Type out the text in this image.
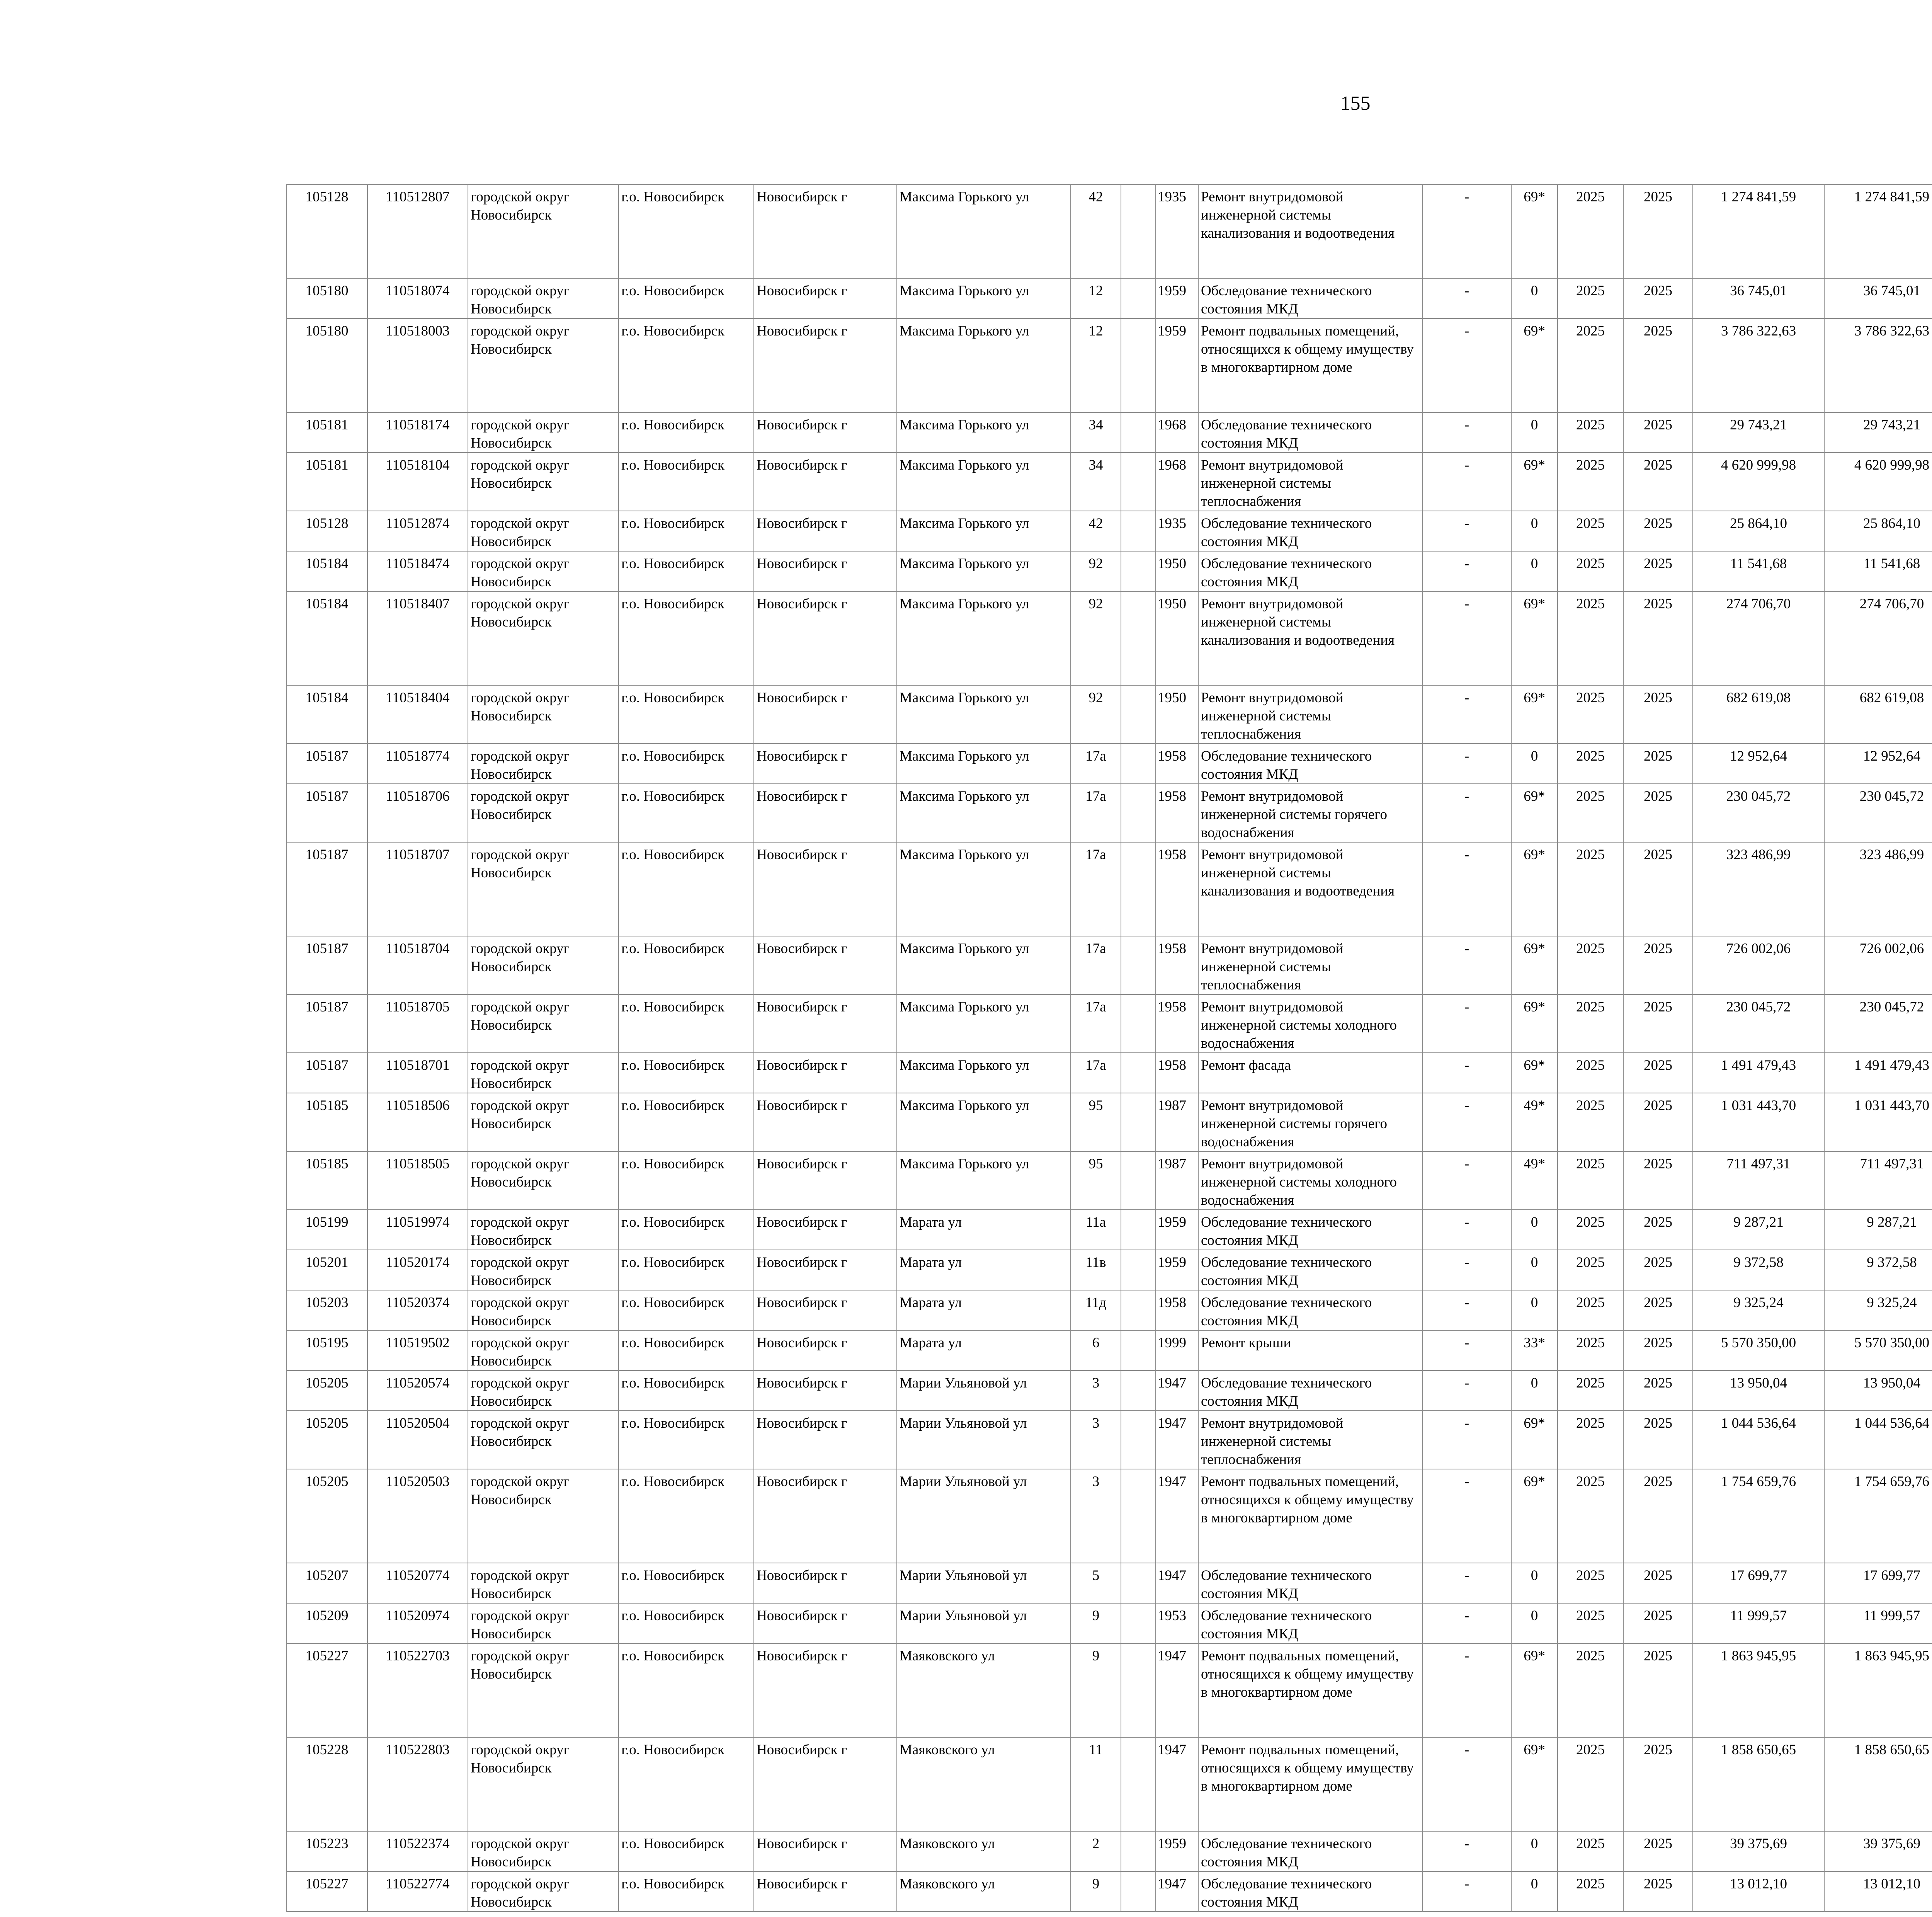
155
105128	110512807	городской округ Новосибирск	г.о. Новосибирск	Новосибирск г	Максима Горького ул	42		1935	Ремонт внутридомовой инженерной системы канализования и водоотведения	-	69*	2025	2025	1 274 841,59	1 274 841,59						
105180	110518074	городской округ Новосибирск	г.о. Новосибирск	Новосибирск г	Максима Горького ул	12		1959	Обследование технического состояния МКД	-	0	2025	2025	36 745,01	36 745,01						
105180	110518003	городской округ Новосибирск	г.о. Новосибирск	Новосибирск г	Максима Горького ул	12		1959	Ремонт подвальных помещений, относящихся к общему имуществу в многоквартирном доме	-	69*	2025	2025	3 786 322,63	3 786 322,63						
105181	110518174	городской округ Новосибирск	г.о. Новосибирск	Новосибирск г	Максима Горького ул	34		1968	Обследование технического состояния МКД	-	0	2025	2025	29 743,21	29 743,21						
105181	110518104	городской округ Новосибирск	г.о. Новосибирск	Новосибирск г	Максима Горького ул	34		1968	Ремонт внутридомовой инженерной системы теплоснабжения	-	69*	2025	2025	4 620 999,98	4 620 999,98						
105128	110512874	городской округ Новосибирск	г.о. Новосибирск	Новосибирск г	Максима Горького ул	42		1935	Обследование технического состояния МКД	-	0	2025	2025	25 864,10	25 864,10						
105184	110518474	городской округ Новосибирск	г.о. Новосибирск	Новосибирск г	Максима Горького ул	92		1950	Обследование технического состояния МКД	-	0	2025	2025	11 541,68	11 541,68						
105184	110518407	городской округ Новосибирск	г.о. Новосибирск	Новосибирск г	Максима Горького ул	92		1950	Ремонт внутридомовой инженерной системы канализования и водоотведения	-	69*	2025	2025	274 706,70	274 706,70						
105184	110518404	городской округ Новосибирск	г.о. Новосибирск	Новосибирск г	Максима Горького ул	92		1950	Ремонт внутридомовой инженерной системы теплоснабжения	-	69*	2025	2025	682 619,08	682 619,08						
105187	110518774	городской округ Новосибирск	г.о. Новосибирск	Новосибирск г	Максима Горького ул	17а		1958	Обследование технического состояния МКД	-	0	2025	2025	12 952,64	12 952,64						
105187	110518706	городской округ Новосибирск	г.о. Новосибирск	Новосибирск г	Максима Горького ул	17а		1958	Ремонт внутридомовой инженерной системы горячего водоснабжения	-	69*	2025	2025	230 045,72	230 045,72						
105187	110518707	городской округ Новосибирск	г.о. Новосибирск	Новосибирск г	Максима Горького ул	17а		1958	Ремонт внутридомовой инженерной системы канализования и водоотведения	-	69*	2025	2025	323 486,99	323 486,99						
105187	110518704	городской округ Новосибирск	г.о. Новосибирск	Новосибирск г	Максима Горького ул	17а		1958	Ремонт внутридомовой инженерной системы теплоснабжения	-	69*	2025	2025	726 002,06	726 002,06						
105187	110518705	городской округ Новосибирск	г.о. Новосибирск	Новосибирск г	Максима Горького ул	17а		1958	Ремонт внутридомовой инженерной системы холодного водоснабжения	-	69*	2025	2025	230 045,72	230 045,72						
105187	110518701	городской округ Новосибирск	г.о. Новосибирск	Новосибирск г	Максима Горького ул	17а		1958	Ремонт фасада	-	69*	2025	2025	1 491 479,43	1 491 479,43						
105185	110518506	городской округ Новосибирск	г.о. Новосибирск	Новосибирск г	Максима Горького ул	95		1987	Ремонт внутридомовой инженерной системы горячего водоснабжения	-	49*	2025	2025	1 031 443,70	1 031 443,70						
105185	110518505	городской округ Новосибирск	г.о. Новосибирск	Новосибирск г	Максима Горького ул	95		1987	Ремонт внутридомовой инженерной системы холодного водоснабжения	-	49*	2025	2025	711 497,31	711 497,31						
105199	110519974	городской округ Новосибирск	г.о. Новосибирск	Новосибирск г	Марата ул	11а		1959	Обследование технического состояния МКД	-	0	2025	2025	9 287,21	9 287,21						
105201	110520174	городской округ Новосибирск	г.о. Новосибирск	Новосибирск г	Марата ул	11в		1959	Обследование технического состояния МКД	-	0	2025	2025	9 372,58	9 372,58						
105203	110520374	городской округ Новосибирск	г.о. Новосибирск	Новосибирск г	Марата ул	11д		1958	Обследование технического состояния МКД	-	0	2025	2025	9 325,24	9 325,24						
105195	110519502	городской округ Новосибирск	г.о. Новосибирск	Новосибирск г	Марата ул	6		1999	Ремонт крыши	-	33*	2025	2025	5 570 350,00	5 570 350,00						
105205	110520574	городской округ Новосибирск	г.о. Новосибирск	Новосибирск г	Марии Ульяновой ул	3		1947	Обследование технического состояния МКД	-	0	2025	2025	13 950,04	13 950,04						
105205	110520504	городской округ Новосибирск	г.о. Новосибирск	Новосибирск г	Марии Ульяновой ул	3		1947	Ремонт внутридомовой инженерной системы теплоснабжения	-	69*	2025	2025	1 044 536,64	1 044 536,64						
105205	110520503	городской округ Новосибирск	г.о. Новосибирск	Новосибирск г	Марии Ульяновой ул	3		1947	Ремонт подвальных помещений, относящихся к общему имуществу в многоквартирном доме	-	69*	2025	2025	1 754 659,76	1 754 659,76						
105207	110520774	городской округ Новосибирск	г.о. Новосибирск	Новосибирск г	Марии Ульяновой ул	5		1947	Обследование технического состояния МКД	-	0	2025	2025	17 699,77	17 699,77						
105209	110520974	городской округ Новосибирск	г.о. Новосибирск	Новосибирск г	Марии Ульяновой ул	9		1953	Обследование технического состояния МКД	-	0	2025	2025	11 999,57	11 999,57						
105227	110522703	городской округ Новосибирск	г.о. Новосибирск	Новосибирск г	Маяковского ул	9		1947	Ремонт подвальных помещений, относящихся к общему имуществу в многоквартирном доме	-	69*	2025	2025	1 863 945,95	1 863 945,95						
105228	110522803	городской округ Новосибирск	г.о. Новосибирск	Новосибирск г	Маяковского ул	11		1947	Ремонт подвальных помещений, относящихся к общему имуществу в многоквартирном доме	-	69*	2025	2025	1 858 650,65	1 858 650,65						
105223	110522374	городской округ Новосибирск	г.о. Новосибирск	Новосибирск г	Маяковского ул	2		1959	Обследование технического состояния МКД	-	0	2025	2025	39 375,69	39 375,69						
105227	110522774	городской округ Новосибирск	г.о. Новосибирск	Новосибирск г	Маяковского ул	9		1947	Обследование технического состояния МКД	-	0	2025	2025	13 012,10	13 012,10						
